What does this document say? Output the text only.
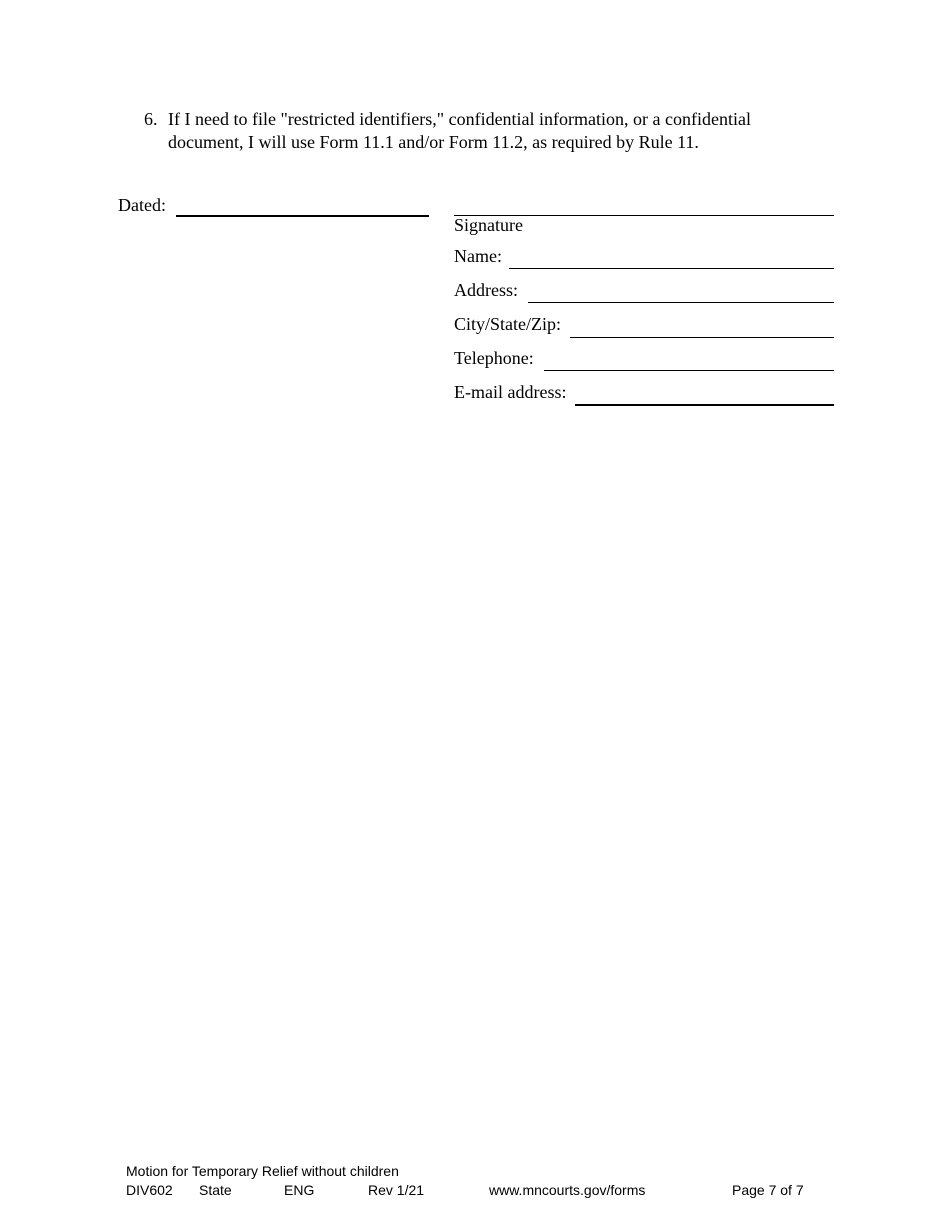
6. If I need to file "restricted identifiers," confidential information, or a confidential document, I will use Form 11.1 and/or Form 11.2, as required by Rule 11.
Dated:
Signature
Name:
Address:
City/State/Zip:
Telephone:
E-mail address:
Motion for Temporary Relief without children
DIV602 State	ENG	Rev 1/21	www.mncourts.gov/forms	Page 7 of 7
